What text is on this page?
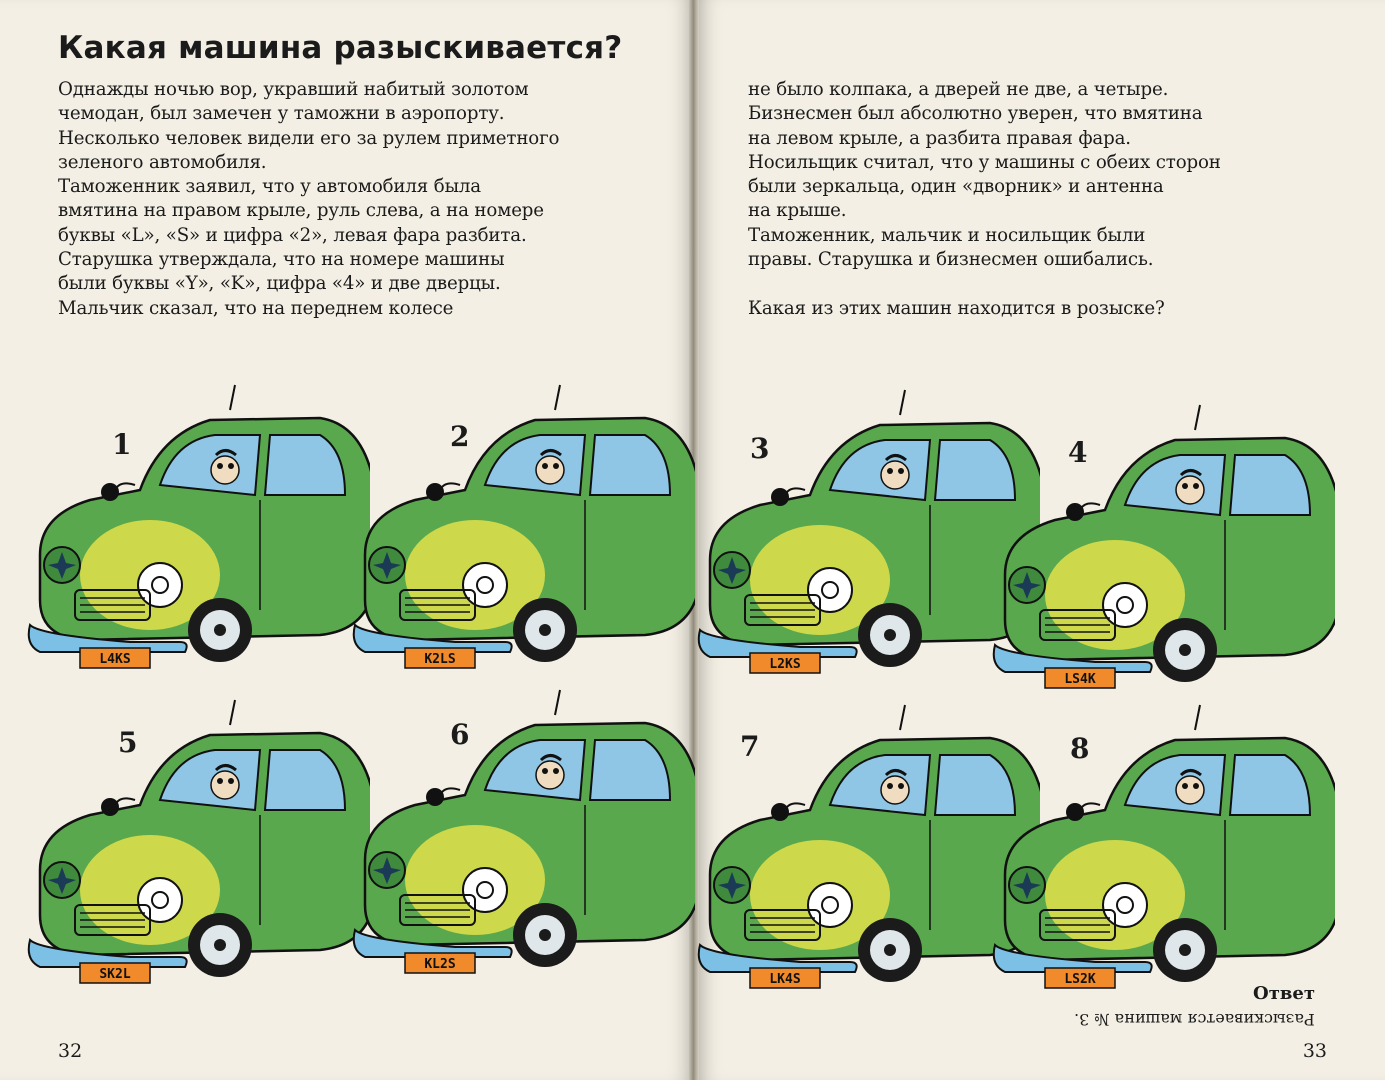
Какая машина разыскивается?
Однажды ночью вор, укравший набитый золотом
чемодан, был замечен у таможни в аэропорту.
Несколько человек видели его за рулем приметного
зеленого автомобиля.
Таможенник заявил, что у автомобиля была
вмятина на правом крыле, руль слева, а на номере
буквы «L», «S» и цифра «2», левая фара разбита.
Старушка утверждала, что на номере машины
были буквы «Y», «K», цифра «4» и две дверцы.
Мальчик сказал, что на переднем колесе
не было колпака, а дверей не две, а четыре.
Бизнесмен был абсолютно уверен, что вмятина
на левом крыле, а разбита правая фара.
Носильщик считал, что у машины с обеих сторон
были зеркальца, один «дворник» и антенна
на крыше.
Таможенник, мальчик и носильщик были
правы. Старушка и бизнесмен ошибались.
Какая из этих машин находится в розыске?
1
L4KS
2
K2LS
3
L2KS
4
LS4K
5
SK2L
6
KL2S
7
LK4S
8
LS2K
Ответ
Разыскивается машина № 3.
32	33
